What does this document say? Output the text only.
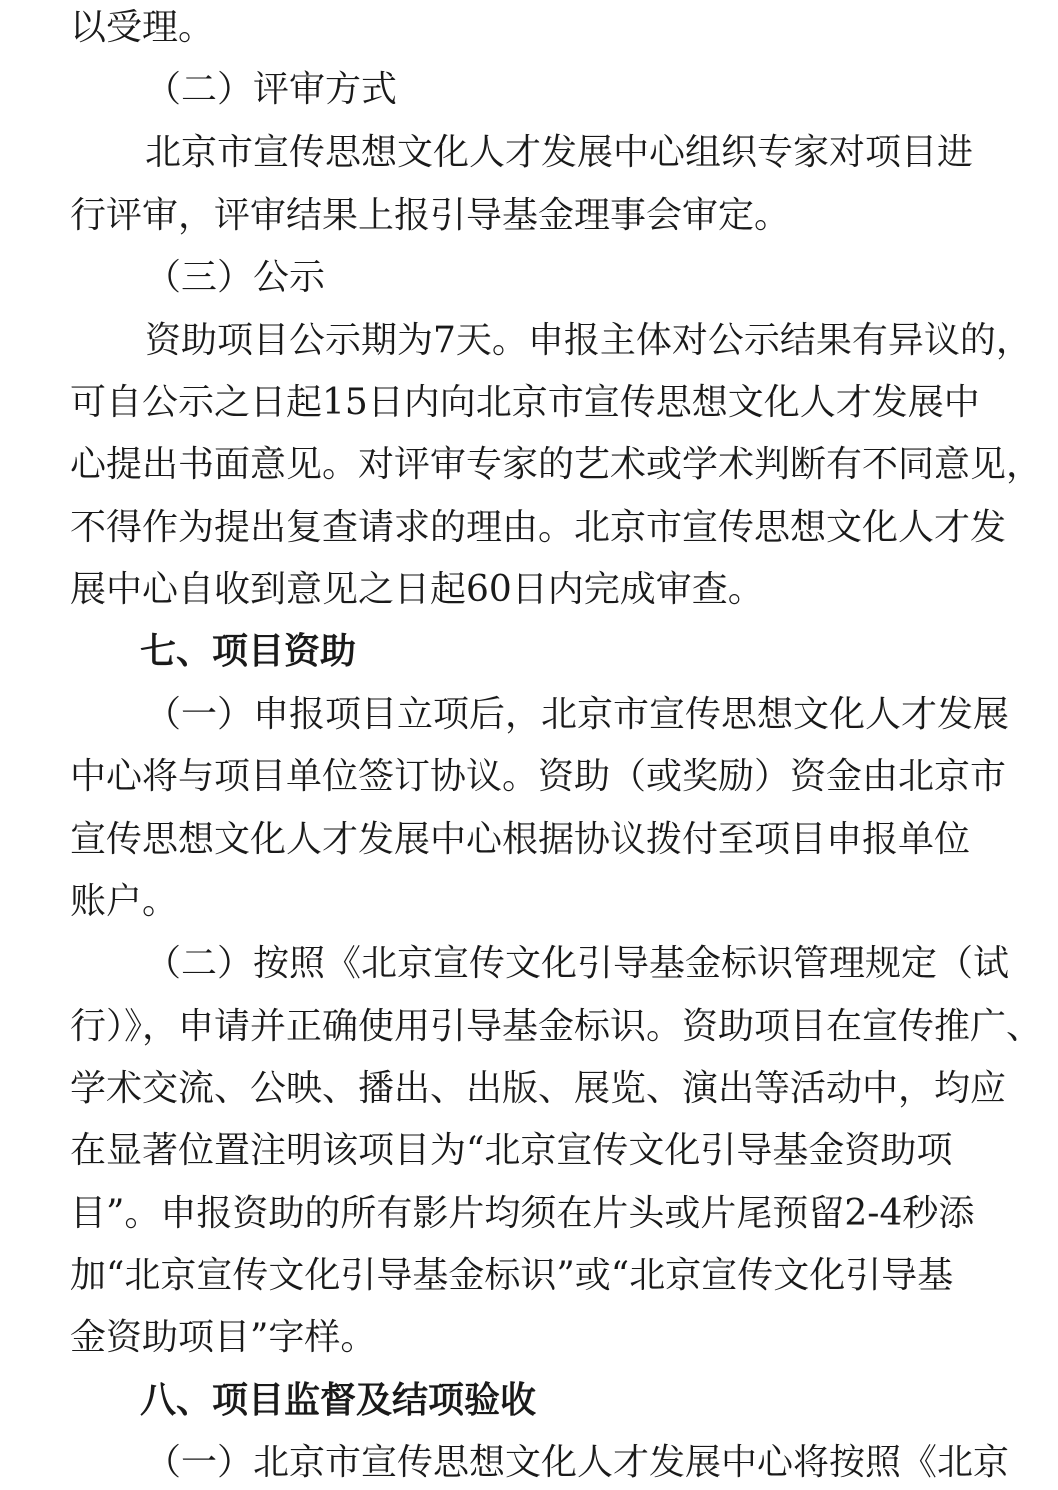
以受理。
（二）评审方式
北京市宣传思想文化人才发展中心组织专家对项目进
行评审，评审结果上报引导基金理事会审定。
（三）公示
资助项目公示期为7天。申报主体对公示结果有异议的，
可自公示之日起15日内向北京市宣传思想文化人才发展中
心提出书面意见。对评审专家的艺术或学术判断有不同意见，
不得作为提出复查请求的理由。北京市宣传思想文化人才发
展中心自收到意见之日起60日内完成审查。
七、项目资助
（一）申报项目立项后，北京市宣传思想文化人才发展
中心将与项目单位签订协议。资助（或奖励）资金由北京市
宣传思想文化人才发展中心根据协议拨付至项目申报单位
账户。
（二）按照《北京宣传文化引导基金标识管理规定（试
行）》，申请并正确使用引导基金标识。资助项目在宣传推广、
学术交流、公映、播出、出版、展览、演出等活动中，均应
在显著位置注明该项目为“北京宣传文化引导基金资助项
目”。申报资助的所有影片均须在片头或片尾预留2-4秒添
加“北京宣传文化引导基金标识”或“北京宣传文化引导基
金资助项目”字样。
八、项目监督及结项验收
（一）北京市宣传思想文化人才发展中心将按照《北京
